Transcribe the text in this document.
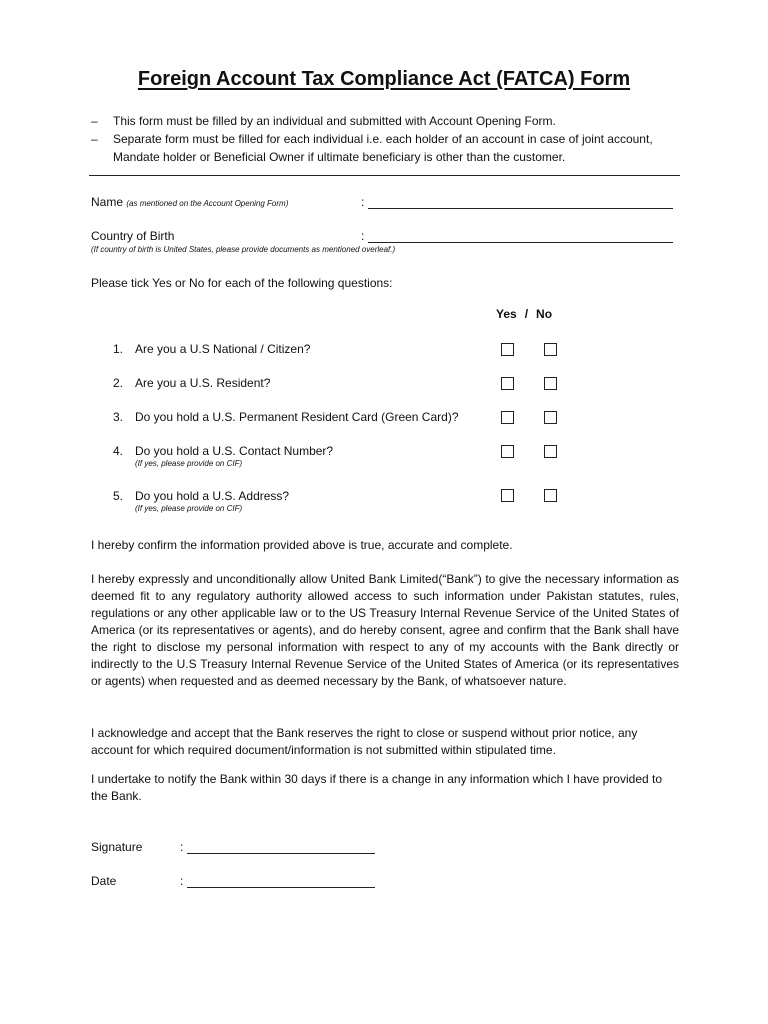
Foreign Account Tax Compliance Act (FATCA) Form
– This form must be filled by an individual and submitted with Account Opening Form.
– Separate form must be filled for each individual i.e. each holder of an account in case of joint account, Mandate holder or Beneficial Owner if ultimate beneficiary is other than the customer.
Name (as mentioned on the Account Opening Form)	:
Country of Birth
(If country of birth is United States, please provide documents as mentioned overleaf.)
:
Please tick Yes or No for each of the following questions:
Yes / No
1. Are you a U.S National / Citizen?
2. Are you a U.S. Resident?
3. Do you hold a U.S. Permanent Resident Card (Green Card)?
4. Do you hold a U.S. Contact Number?
(If yes, please provide on CIF)
5. Do you hold a U.S. Address?
(If yes, please provide on CIF)
I hereby confirm the information provided above is true, accurate and complete.
I hereby expressly and unconditionally allow United Bank Limited(“Bank”) to give the necessary information as deemed fit to any regulatory authority allowed access to such information under Pakistan statutes, rules, regulations or any other applicable law or to the US Treasury Internal Revenue Service of the United States of America (or its representatives or agents), and do hereby consent, agree and confirm that the Bank shall have the right to disclose my personal information with respect to any of my accounts with the Bank directly or indirectly to the U.S Treasury Internal Revenue Service of the United States of America (or its representatives or agents) when requested and as deemed necessary by the Bank, of whatsoever nature.
I acknowledge and accept that the Bank reserves the right to close or suspend without prior notice, any account for which required document/information is not submitted within stipulated time.
I undertake to notify the Bank within 30 days if there is a change in any information which I have provided to the Bank.
Signature	:
Date	:
